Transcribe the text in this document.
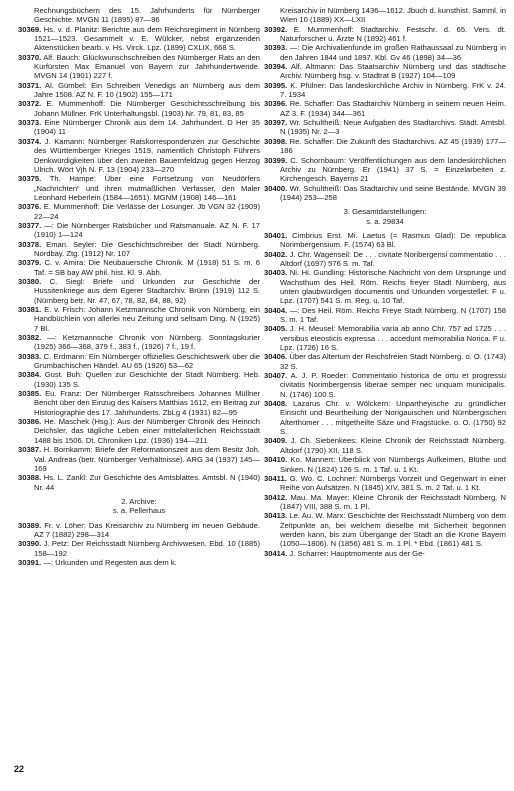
Rechnungsbüchern des 15. Jahrhunderts für Nürnberger Geschichte. MVGN 11 (1895) 87—96

30369. Hs. v. d. Planitz: Berichte aus dem Reichsregiment in Nürnberg 1521—1523. Gesammelt v. E. Wülcker, nebst ergänzenden Aktenstücken bearb. v. Hs. Virck. Lpz. (1899) CXLIX, 668 S.

30370. Alf. Bauch: Glückwunschschreiben des Nürnberger Rats an den Kurfürsten Max Emanuel von Bayern zur Jahrhundertwende. MVGN 14 (1901) 227 f.

30371. Al. Gümbel: Ein Schreiben Venedigs an Nürnberg aus dem Jahre 1508. AZ N. F. 10 (1902) 155—171

30372. E. Mummenhoff: Die Nürnberger Geschichtsschreibung bis Johann Müllner. FrK Unterhaltungsbl. (1903) Nr. 79, 81, 83, 85

30373. Eine Nürnberger Chronik aus dem 14. Jahrhundert. D Her 35 (1904) 11

30374. J. Kamann: Nürnberger Ratskorrespondenzen zur Geschichte des Württemberger Krieges 1519, namentlich Christoph Führers Denkwürdigkeiten über den zweiten Bauernfeldzug gegen Herzog Ulrich. Wört Vjh N. F. 13 (1904) 233—270

30375. Th. Hampe: Über eine Fortsetzung von Neudörfers „Nachrichten“ und ihren mutmaßlichen Verfasser, den Maler Leonhard Heberlein (1584—1651). MGNM (1908) 146—161

30376. E. Mummenhoff: Die Verlässe der Losunger. Jb VGN 32 (1909) 22—24

30377. —: Die Nürnberger Ratsbücher und Ratsmanuale. AZ N. F. 17 (1910) 1—124

30378. Eman. Seyler: Die Geschichtschreiber der Stadt Nürnberg. Nordbay. Ztg. (1912) Nr. 107

30379. C. v. Amira: Die Neubauersche Chronik. M (1918) 51 S. m. 6 Taf. = SB bay AW phil. hist. Kl. 9. Abh.

30380. C. Siegl: Briefe und Urkunden zur Geschichte der Hussitenkriege aus dem Egerer Stadtarchiv. Brünn (1919) 112 S. (Nürnberg betr. Nr. 47, 67, 78, 82, 84, 88, 92)

30381. E. v. Frisch: Johann Ketzmannsche Chronik von Nürnberg, ein Handbüchlein von allerlei neu Zeitung und seltsam Ding. N (1925) 7 Bl.

30382. —: Ketzmannsche Chronik von Nürnberg. Sonntagskurier (1925) 366—368, 379 f., 383 f., (1926) 7 f., 19 f.

30383. C. Erdmann: Ein Nürnberger offizielles Geschichtswerk über die Grumbachischen Händel. AU 65 (1926) 53—62

30384. Gust. Buh: Quellen zur Geschichte der Stadt Nürnberg. Heb. (1930) 135 S.

30385. Eu. Franz: Der Nürnberger Ratsschreibers Johannes Müllner Bericht über den Einzug des Kaisers Matthias 1612, ein Beitrag zur Historiographie des 17. Jahrhunderts. ZbLg 4 (1931) 82—95

30386. He. Maschek (Hsg.): Aus der Nürnberger Chronik des Heinrich Deichsler, das tägliche Leben einer mittelalterlichen Reichsstadt 1488 bis 1506. Dt. Chroniken Lpz. (1936) 194—211

30387. H. Bornkamm: Briefe der Reformationszeit aus dem Besitz Joh. Val. Andreäs (betr. Nürnberger Verhältnisse). ARG 34 (1937) 145—169

30388. Hs. L. Zankl: Zur Geschichte des Amtsblattes. Amtsbl. N (1940) Nr. 44

2. Archive:
s. a. Pellerhaus

30389. Fr. v. Löher: Das Kreisarchiv zu Nürnberg im neuen Gebäude. AZ 7 (1882) 298—314

30390. J. Petz: Der Reichsstadt Nürnberg Archivwesen. Ebd. 10 (1885) 158—192

30391. —: Urkunden und Regesten aus dem k.

Kreisarchiv in Nürnberg 1436—1612. Jbuch d. kunsthist. Samml. in Wien 10 (1889) XX—LXII

30392. E. Mummenhoff: Stadtarchiv. Festschr. d. 65. Vers. dt. Naturforscher u. Ärzte N (1892) 461 f.

30393. —: Die Archivalienfunde im großen Rathaussaal zu Nürnberg in den Jahren 1844 und 1897. Kbl. Gv 46 (1898) 34—36

30394. Alf. Altmann: Das Staatsarchiv Nürnberg und das städtische Archiv. Nürnberg hsg. v. Stadtrat B (1927) 104—109

30395. K. Pfülner: Das landeskirchliche Archiv in Nürnberg. FrK v. 24. 7. 1934

30396. Re. Schaffer: Das Stadtarchiv Nürnberg in seinem neuen Heim. AZ 3. F. (1934) 344—361

30397. Wr. Schultheiß: Neue Aufgaben des Stadtarchivs. Städt. Amtsbl. N (1935) Nr. 2—3

30398. Re. Schaffer: Die Zukunft des Stadtarchivs. AZ 45 (1939) 177—186

30399. C. Schornbaum: Veröffentlichungen aus dem landeskirchlichen Archiv zu Nürnberg. Er (1941) 37 S. = Einzelarbeiten z. Kirchengesch. Bayerns 21

30400. Wr. Schultheiß: Das Stadtarchiv und seine Bestände. MVGN 39 (1944) 253—258

3. Gesamtdarstellungen:
s. a. 29834

30401. Cimbrius Erst. Mi. Laetus (= Rasmus Glad): De republica Norimbergensium. F. (1574) 63 Bl.

30402. J. Chr. Wagenseil: De . . . civitate Noribergensi commentatio . . . Altdorf (1697) 576 S. m. Taf.

30403. Ni. Hi. Gundling: Historische Nachricht von dem Ursprunge und Wachsthum des Heil. Röm. Reichs freyer Stadt Nürnberg, aus unten glaubwürdigen documentis und Urkunden vorgestellet. F u. Lpz. (1707) 541 S. m. Reg. u. 10 Taf.

30404. —: Des Heil. Röm. Reichs Freye Stadt Nürnberg. N (1707) 158 S. m. 1 Taf.

30405. J. H. Meusel: Memorabilia varia ab anno Chr. 757 ad 1725 . . . versibus eteosticis expressa . . . accedunt memorabilia Norica. F u. Lpz. (1726) 16 S.

30406. Über das Altertum der Reichsfreien Stadt Nürnberg. o. O. (1743) 32 S.

30407. A. J. P. Roeder: Commentatio historica de ortu et progressu civitatis Norimbergensis liberae semper nec unquam municipalis. N. (1746) 100 S.

30408. Lazarus Chr. v. Wölckern: Unpartheyische zu gründlicher Einsicht und Beurtheilung der Norigauischen und Nürnbergischen Alterthümer . . . mitgetheilte Säze und Fragstücke. o. O. (1750) 92 S.

30409. J. Ch. Siebenkees: Kleine Chronik der Reichsstadt Nürnberg. Altdorf (1790) XII, 118 S.

30410. Ko. Mannert: Überblick von Nürnbergs Aufkeimen, Blüthe und Sinken. N (1824) 126 S. m. 1 Taf. u. 1 Kt.

30411. G. Wo. C. Lochner: Nürnbergs Vorzeit und Gegenwart in einer Reihe von Aufsätzen. N (1845) XIV, 381 S. m. 2 Taf. u. 1 Kt.

30412. Mau. Ma. Mayer: Kleine Chronik der Reichsstadt Nürnberg. N (1847) VIII, 388 S. m. 1 Pl.

30413. Le. Au. W. Marx: Geschichte der Reichsstadt Nürnberg von dem Zeitpunkte an, bei welchem dieselbe mit Sicherheit begonnen werden kann, bis zum Übergange der Stadt an die Krone Bayern (1050—1806). N (1856) 481 S. m. 1 Pl. * Ebd. (1861) 481 S.

30414. J. Scharrer: Hauptmomente aus der Ge-

22
